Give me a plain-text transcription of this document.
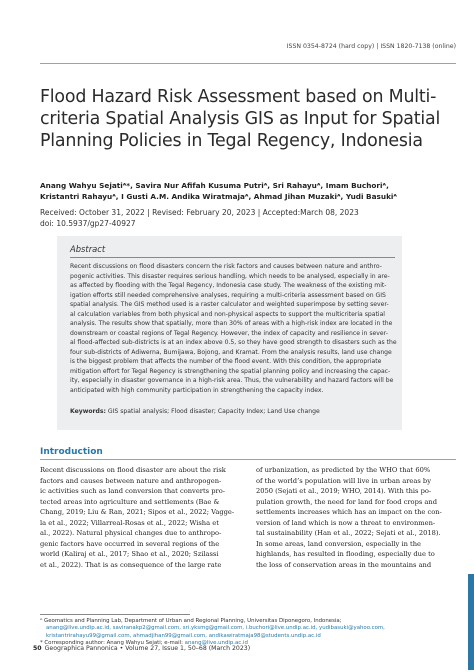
ISSN 0354-8724 (hard copy) | ISSN 1820-7138 (online)
Flood Hazard Risk Assessment based on Multi-
criteria Spatial Analysis GIS as Input for Spatial
Planning Policies in Tegal Regency, Indonesia
Anang Wahyu Sejatiᴬ*, Savira Nur Afifah Kusuma Putriᴬ, Sri Rahayuᴬ, Imam Buchoriᴬ,
Kristantri Rahayuᴬ, I Gusti A.M. Andika Wiratmajaᴬ, Ahmad Jihan Muzakiᴬ, Yudi Basukiᴬ
Received: October 31, 2022 | Revised: February 20, 2023 | Accepted:March 08, 2023
doi: 10.5937/gp27-40927
Abstract
Recent discussions on flood disasters concern the risk factors and causes between nature and anthro-
pogenic activities. This disaster requires serious handling, which needs to be analysed, especially in are-
as affected by flooding with the Tegal Regency, Indonesia case study. The weakness of the existing mit-
igation efforts still needed comprehensive analyses, requiring a multi-criteria assessment based on GIS
spatial analysis. The GIS method used is a raster calculator and weighted superimpose by setting sever-
al calculation variables from both physical and non-physical aspects to support the multicriteria spatial
analysis. The results show that spatially, more than 30% of areas with a high-risk index are located in the
downstream or coastal regions of Tegal Regency. However, the index of capacity and resilience in sever-
al flood-affected sub-districts is at an index above 0.5, so they have good strength to disasters such as the
four sub-districts of Adiwerna, Bumijawa, Bojong, and Kramat. From the analysis results, land use change
is the biggest problem that affects the number of the flood event. With this condition, the appropriate
mitigation effort for Tegal Regency is strengthening the spatial planning policy and increasing the capac-
ity, especially in disaster governance in a high-risk area. Thus, the vulnerability and hazard factors will be
anticipated with high community participation in strengthening the capacity index.
Keywords: GIS spatial analysis; Flood disaster; Capacity Index; Land Use change
Introduction
Recent discussions on flood disaster are about the risk
factors and causes between nature and anthropogen-
ic activities such as land conversion that converts pro-
tected areas into agriculture and settlements (Bae &
Chang, 2019; Liu & Ran, 2021; Sipos et al., 2022; Vagge-
la et al., 2022; Villarreal-Rosas et al., 2022; Wisha et
al., 2022). Natural physical changes due to anthropo-
genic factors have occurred in several regions of the
world (Kaliraj et al., 2017; Shao et al., 2020; Szilassi
et al., 2022). That is as consequence of the large rate
of urbanization, as predicted by the WHO that 60%
of the world’s population will live in urban areas by
2050 (Sejati et al., 2019; WHO, 2014). With this po-
pulation growth, the need for land for food crops and
settlements increases which has an impact on the con-
version of land which is now a threat to environmen-
tal sustainability (Han et al., 2022; Sejati et al., 2018).
In some areas, land conversion, especially in the
highlands, has resulted in flooding, especially due to
the loss of conservation areas in the mountains and
ᴬ Geomatics and Planning Lab, Department of Urban and Regional Planning, Universitas Diponegoro, Indonesia;
anang@live.undip.ac.id, saviranakp2@gmail.com, sri.yksmg@gmail.com, i.buchori@live.undip.ac.id, yudibasuki@yahoo.com,
kristantrirahayu99@gmail.com, ahmadjihan99@gmail.com, andikawiratmaja98@students.undip.ac.id
* Corresponding author: Anang Wahyu Sejati; e-mail: anang@live.undip.ac.id
50 Geographica Pannonica • Volume 27, Issue 1, 50–68 (March 2023)
